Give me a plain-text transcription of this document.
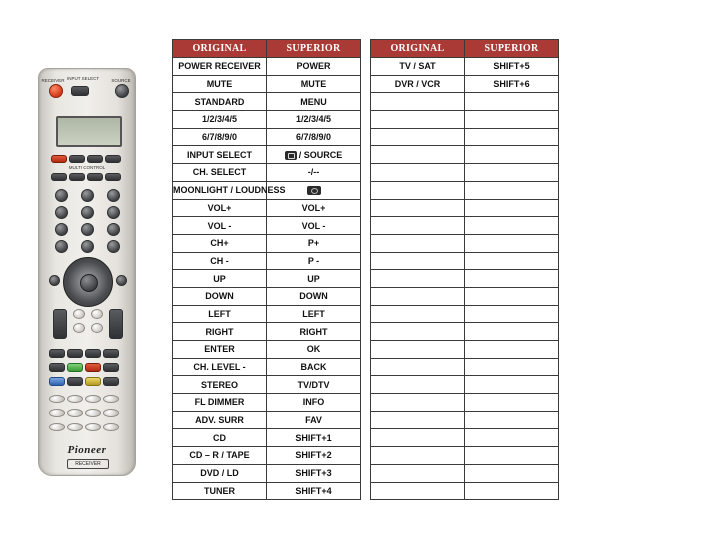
RECEIVER INPUT SELECT	SOURCE
MULTI CONTROL
Pioneer
RECEIVER
ORIGINAL	SUPERIOR
POWER RECEIVER	POWER
MUTE	MUTE
STANDARD	MENU
1/2/3/4/5	1/2/3/4/5
6/7/8/9/0	6/7/8/9/0
INPUT SELECT	/ SOURCE
CH. SELECT	-/--
MOONLIGHT / LOUDNESS	
VOL+	VOL+
VOL -	VOL -
CH+	P+
CH -	P -
UP	UP
DOWN	DOWN
LEFT	LEFT
RIGHT	RIGHT
ENTER	OK
CH. LEVEL -	BACK
STEREO	TV/DTV
FL DIMMER	INFO
ADV. SURR	FAV
CD	SHIFT+1
CD – R / TAPE	SHIFT+2
DVD / LD	SHIFT+3
TUNER	SHIFT+4
ORIGINAL	SUPERIOR
TV / SAT	SHIFT+5
DVR / VCR	SHIFT+6
